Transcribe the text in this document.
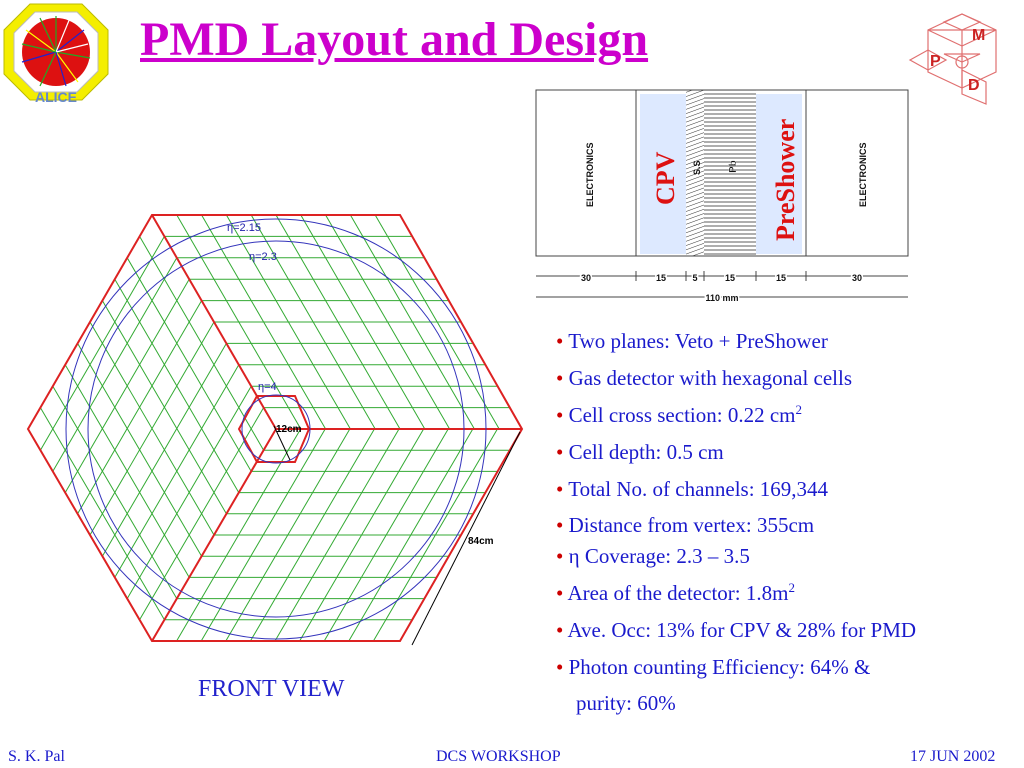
PMD Layout and Design
ALICE
M
P
D
η=2.15
η=2.3
η=4
12cm
84cm
FRONT VIEW
ELECTRONICS	ELECTRONICS
CPV S.S	Pb PreShower
30	15	5	15	15	30
110 mm
• Two planes: Veto + PreShower
• Gas detector with hexagonal cells
• Cell cross section: 0.22 $cm^2$
• Cell depth: 0.5 cm
• Total No. of channels: 169,344
• Distance from vertex: 355cm
• η Coverage: 2.3 – 3.5
• Area of the detector: $1.8m^2$
• Ave. Occ: 13% for CPV & 28% for PMD
• Photon counting Efficiency: 64% &
purity: 60%
S. K. Pal	DCS WORKSHOP	17 JUN 2002
